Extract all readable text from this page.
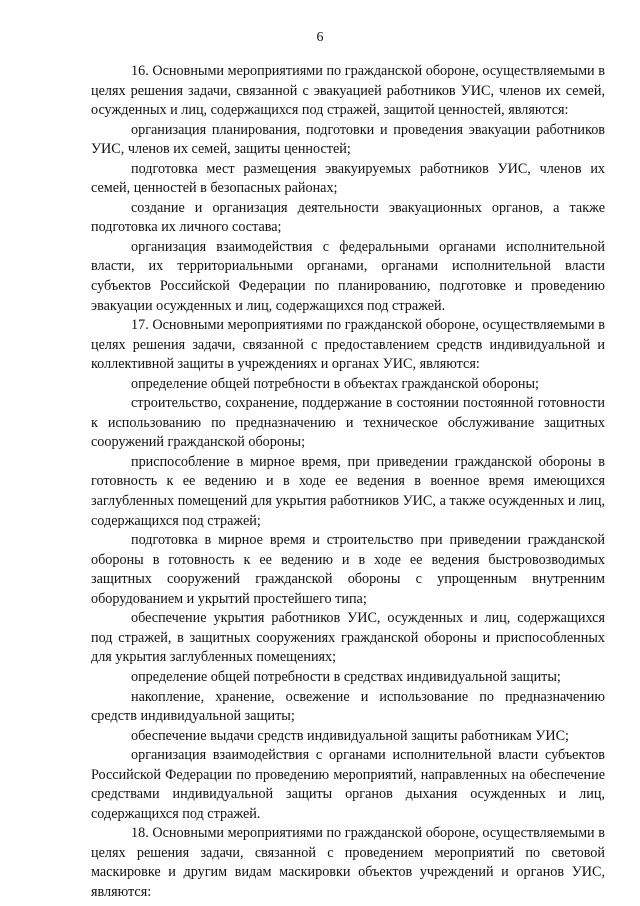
6

16. Основными мероприятиями по гражданской обороне, осуществляемыми в целях решения задачи, связанной с эвакуацией работников УИС, членов их семей, осужденных и лиц, содержащихся под стражей, защитой ценностей, являются:

организация планирования, подготовки и проведения эвакуации работников УИС, членов их семей, защиты ценностей;

подготовка мест размещения эвакуируемых работников УИС, членов их семей, ценностей в безопасных районах;

создание и организация деятельности эвакуационных органов, а также подготовка их личного состава;

организация взаимодействия с федеральными органами исполнительной власти, их территориальными органами, органами исполнительной власти субъектов Российской Федерации по планированию, подготовке и проведению эвакуации осужденных и лиц, содержащихся под стражей.

17. Основными мероприятиями по гражданской обороне, осуществляемыми в целях решения задачи, связанной с предоставлением средств индивидуальной и коллективной защиты в учреждениях и органах УИС, являются:

определение общей потребности в объектах гражданской обороны;

строительство, сохранение, поддержание в состоянии постоянной готовности к использованию по предназначению и техническое обслуживание защитных сооружений гражданской обороны;

приспособление в мирное время, при приведении гражданской обороны в готовность к ее ведению и в ходе ее ведения в военное время имеющихся заглубленных помещений для укрытия работников УИС, а также осужденных и лиц, содержащихся под стражей;

подготовка в мирное время и строительство при приведении гражданской обороны в готовность к ее ведению и в ходе ее ведения быстровозводимых защитных сооружений гражданской обороны с упрощенным внутренним оборудованием и укрытий простейшего типа;

обеспечение укрытия работников УИС, осужденных и лиц, содержащихся под стражей, в защитных сооружениях гражданской обороны и приспособленных для укрытия заглубленных помещениях;

определение общей потребности в средствах индивидуальной защиты;

накопление, хранение, освежение и использование по предназначению средств индивидуальной защиты;

обеспечение выдачи средств индивидуальной защиты работникам УИС;

организация взаимодействия с органами исполнительной власти субъектов Российской Федерации по проведению мероприятий, направленных на обеспечение средствами индивидуальной защиты органов дыхания осужденных и лиц, содержащихся под стражей.

18. Основными мероприятиями по гражданской обороне, осуществляемыми в целях решения задачи, связанной с проведением мероприятий по световой маскировке и другим видам маскировки объектов учреждений и органов УИС, являются:
